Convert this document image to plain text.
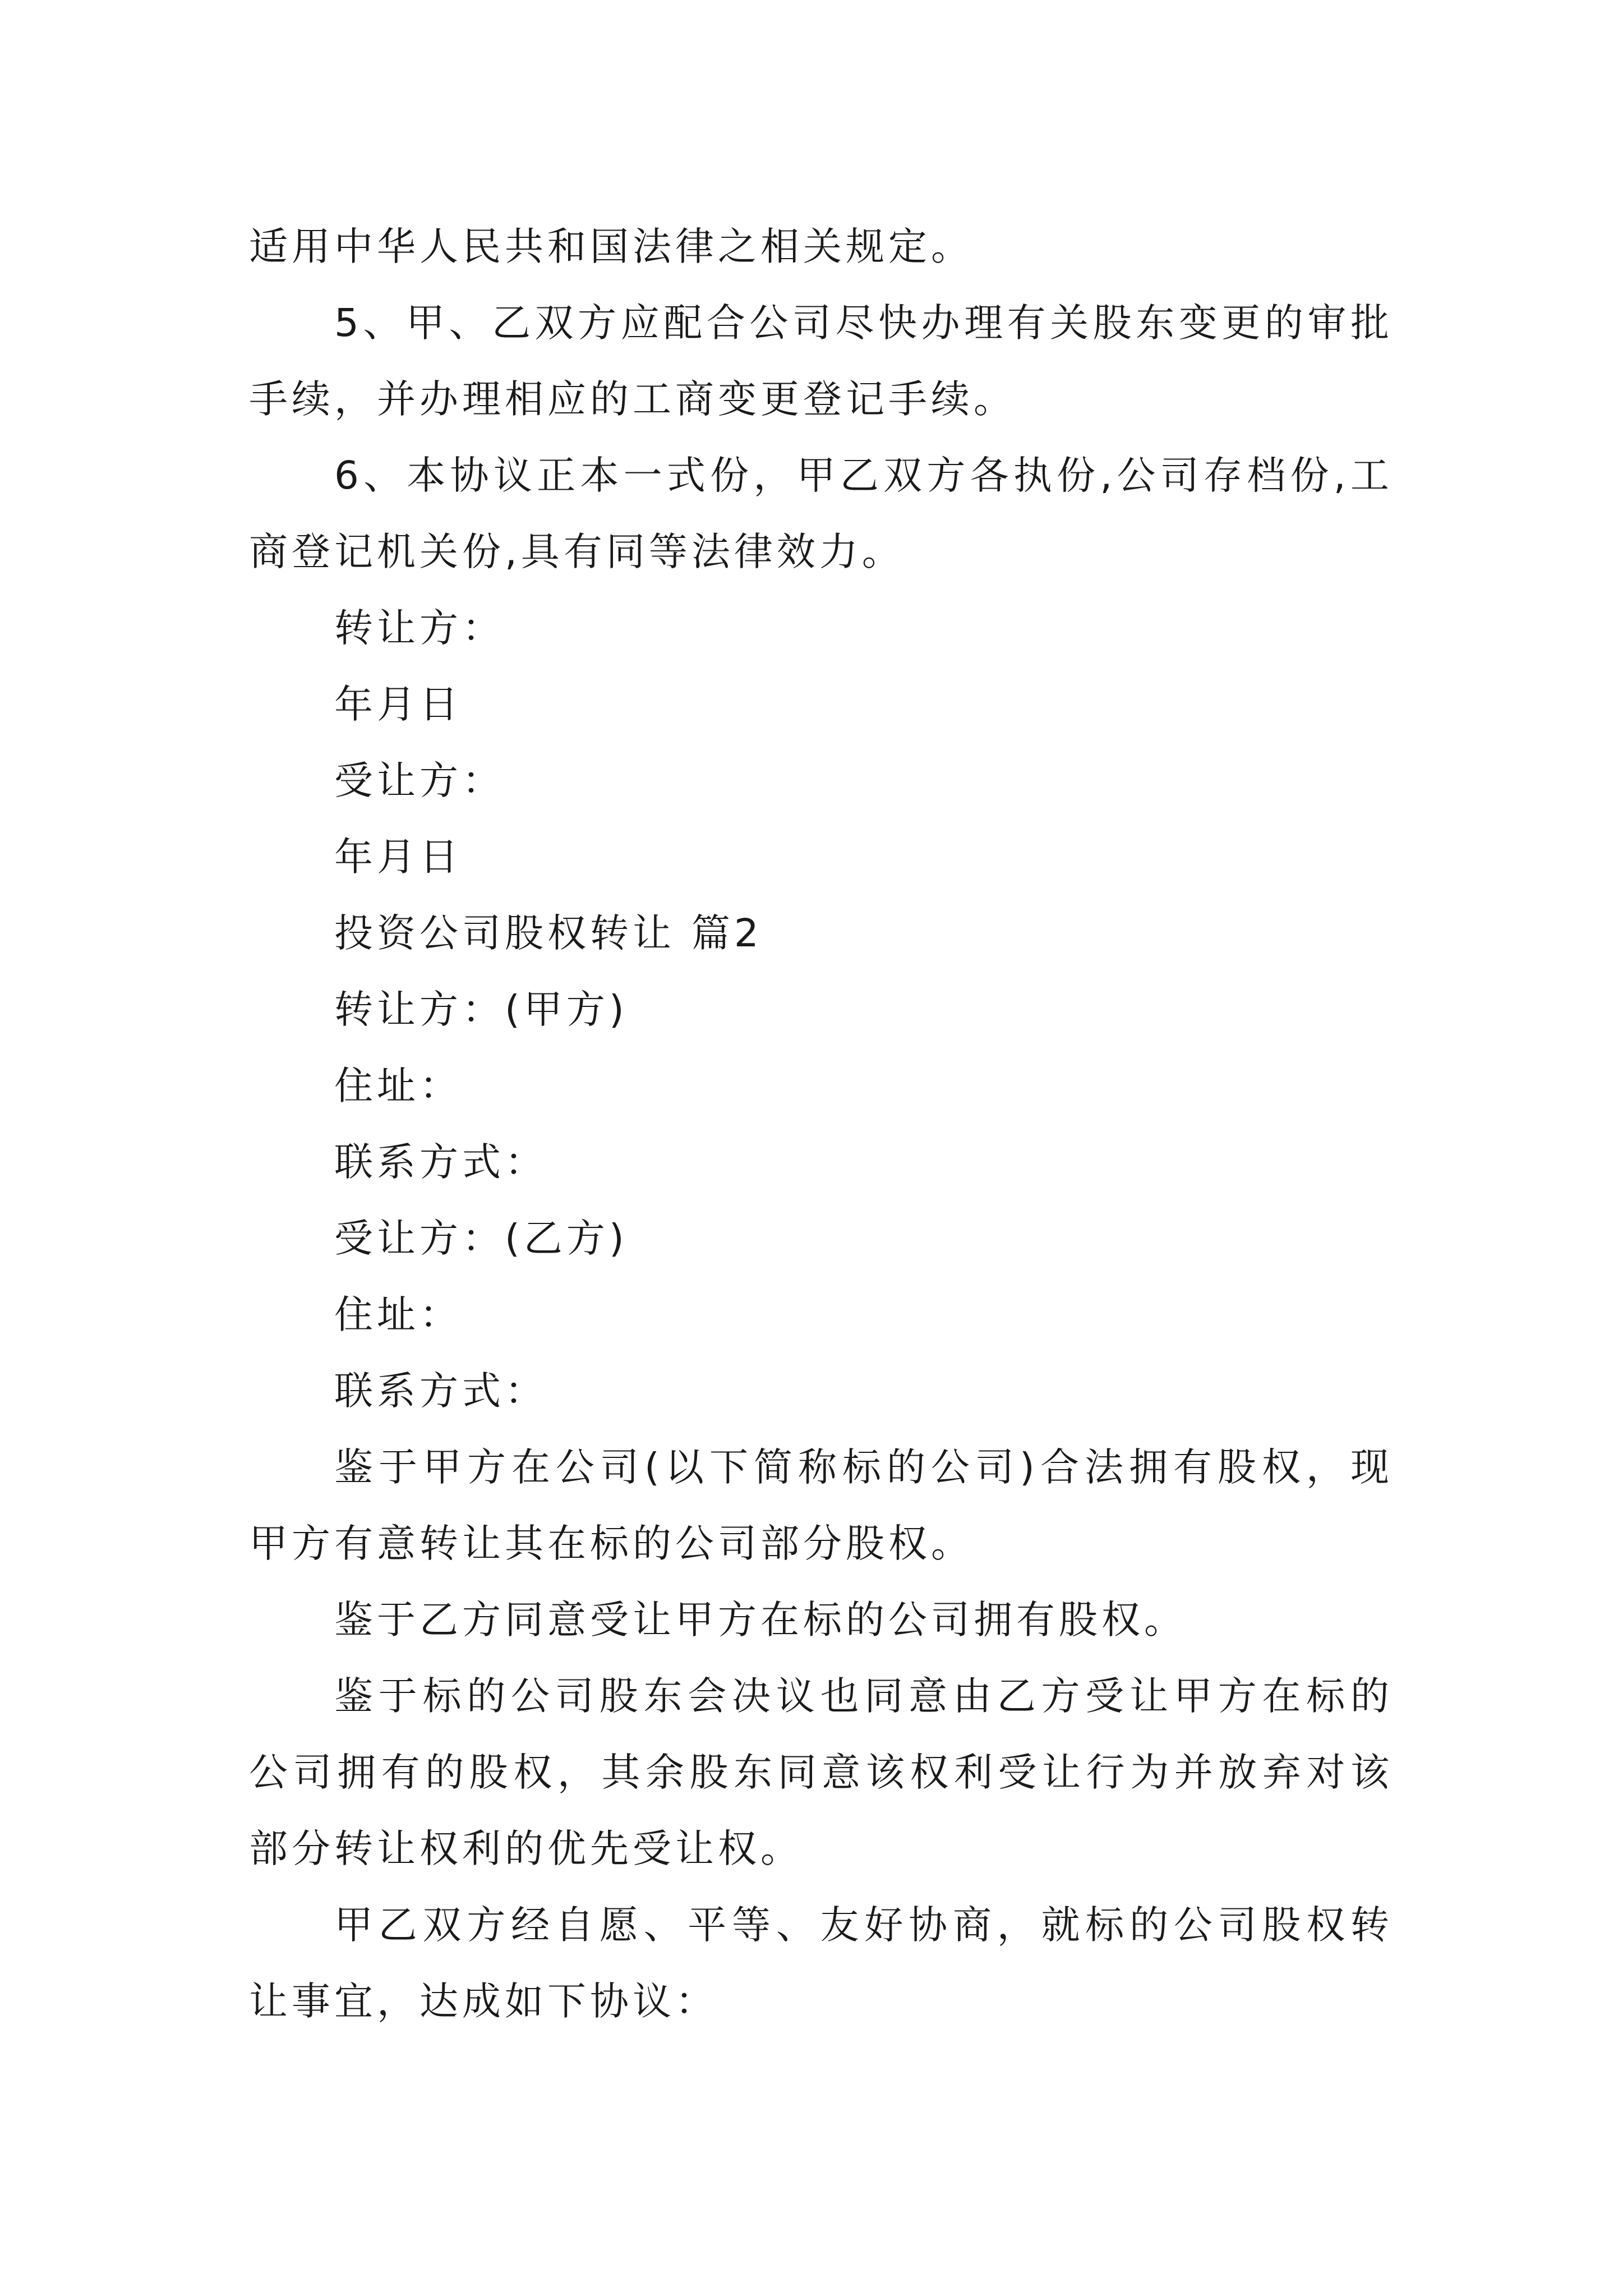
适用中华人民共和国法律之相关规定。

5、甲、乙双方应配合公司尽快办理有关股东变更的审批手续，并办理相应的工商变更登记手续。

6、本协议正本一式份，甲乙双方各执份,公司存档份,工商登记机关份,具有同等法律效力。

转让方：

年月日

受让方：

年月日

投资公司股权转让 篇2

转让方：(甲方)

住址：

联系方式：

受让方：(乙方)

住址：

联系方式：

鉴于甲方在公司(以下简称标的公司)合法拥有股权，现甲方有意转让其在标的公司部分股权。

鉴于乙方同意受让甲方在标的公司拥有股权。

鉴于标的公司股东会决议也同意由乙方受让甲方在标的公司拥有的股权，其余股东同意该权利受让行为并放弃对该部分转让权利的优先受让权。

甲乙双方经自愿、平等、友好协商，就标的公司股权转让事宜，达成如下协议：
